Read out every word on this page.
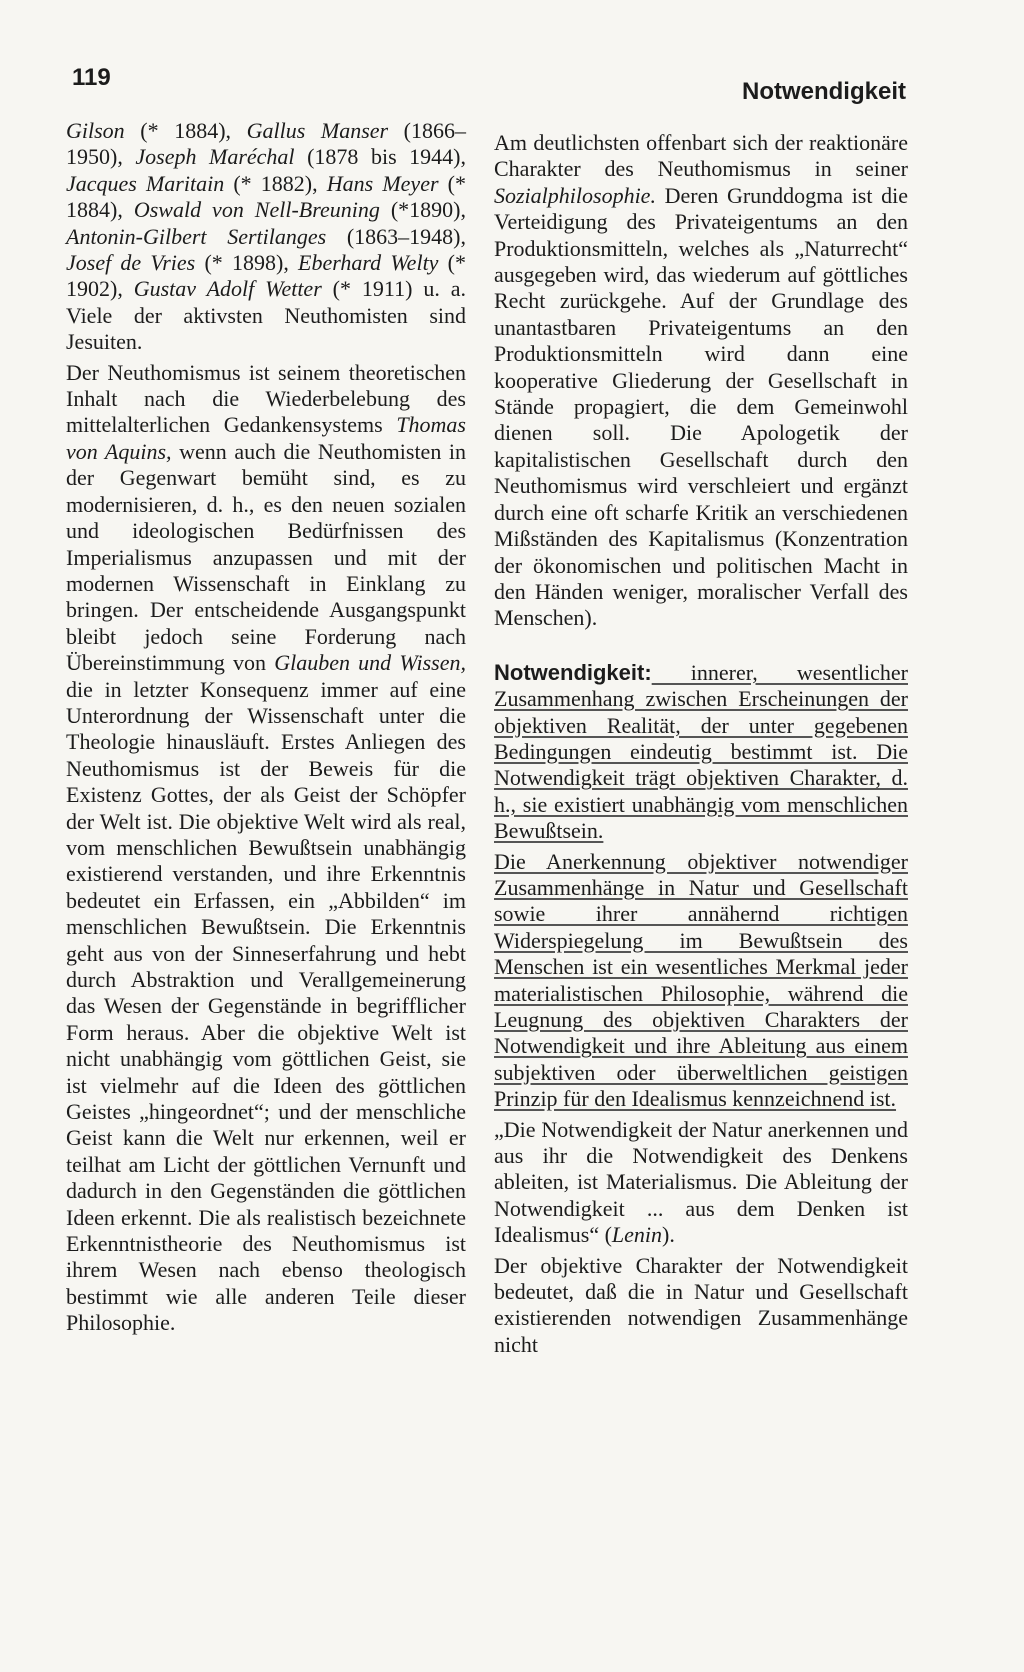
119
Notwendigkeit

Gilson (* 1884), Gallus Manser (1866–1950), Joseph Maréchal (1878 bis 1944), Jacques Maritain (* 1882), Hans Meyer (* 1884), Oswald von Nell-Breuning (*1890), Antonin-Gilbert Sertilanges (1863–1948), Josef de Vries (* 1898), Eberhard Welty (* 1902), Gustav Adolf Wetter (* 1911) u. a. Viele der aktivsten Neuthomisten sind Jesuiten.

Der Neuthomismus ist seinem theoretischen Inhalt nach die Wiederbelebung des mittelalterlichen Gedankensystems Thomas von Aquins, wenn auch die Neuthomisten in der Gegenwart bemüht sind, es zu modernisieren, d. h., es den neuen sozialen und ideologischen Bedürfnissen des Imperialismus anzupassen und mit der modernen Wissenschaft in Einklang zu bringen. Der entscheidende Ausgangspunkt bleibt jedoch seine Forderung nach Übereinstimmung von Glauben und Wissen, die in letzter Konsequenz immer auf eine Unterordnung der Wissenschaft unter die Theologie hinausläuft. Erstes Anliegen des Neuthomismus ist der Beweis für die Existenz Gottes, der als Geist der Schöpfer der Welt ist. Die objektive Welt wird als real, vom menschlichen Bewußtsein unabhängig existierend verstanden, und ihre Erkenntnis bedeutet ein Erfassen, ein „Abbilden“ im menschlichen Bewußtsein. Die Erkenntnis geht aus von der Sinneserfahrung und hebt durch Abstraktion und Verallgemeinerung das Wesen der Gegenstände in begrifflicher Form heraus. Aber die objektive Welt ist nicht unabhängig vom göttlichen Geist, sie ist vielmehr auf die Ideen des göttlichen Geistes „hingeordnet“; und der menschliche Geist kann die Welt nur erkennen, weil er teilhat am Licht der göttlichen Vernunft und dadurch in den Gegenständen die göttlichen Ideen erkennt. Die als realistisch bezeichnete Erkenntnistheorie des Neuthomismus ist ihrem Wesen nach ebenso theologisch bestimmt wie alle anderen Teile dieser Philosophie.

Am deutlichsten offenbart sich der reaktionäre Charakter des Neuthomismus in seiner Sozialphilosophie. Deren Grunddogma ist die Verteidigung des Privateigentums an den Produktionsmitteln, welches als „Naturrecht“ ausgegeben wird, das wiederum auf göttliches Recht zurückgehe. Auf der Grundlage des unantastbaren Privateigentums an den Produktionsmitteln wird dann eine kooperative Gliederung der Gesellschaft in Stände propagiert, die dem Gemeinwohl dienen soll. Die Apologetik der kapitalistischen Gesellschaft durch den Neuthomismus wird verschleiert und ergänzt durch eine oft scharfe Kritik an verschiedenen Mißständen des Kapitalismus (Konzentration der ökonomischen und politischen Macht in den Händen weniger, moralischer Verfall des Menschen).

Notwendigkeit: innerer, wesentlicher Zusammenhang zwischen Erscheinungen der objektiven Realität, der unter gegebenen Bedingungen eindeutig bestimmt ist. Die Notwendigkeit trägt objektiven Charakter, d. h., sie existiert unabhängig vom menschlichen Bewußtsein.

Die Anerkennung objektiver notwendiger Zusammenhänge in Natur und Gesellschaft sowie ihrer annähernd richtigen Widerspiegelung im Bewußtsein des Menschen ist ein wesentliches Merkmal jeder materialistischen Philosophie, während die Leugnung des objektiven Charakters der Notwendigkeit und ihre Ableitung aus einem subjektiven oder überweltlichen geistigen Prinzip für den Idealismus kennzeichnend ist.

„Die Notwendigkeit der Natur anerkennen und aus ihr die Notwendigkeit des Denkens ableiten, ist Materialismus. Die Ableitung der Notwendigkeit ... aus dem Denken ist Idealismus“ (Lenin).

Der objektive Charakter der Notwendigkeit bedeutet, daß die in Natur und Gesellschaft existierenden notwendigen Zusammenhänge nicht
